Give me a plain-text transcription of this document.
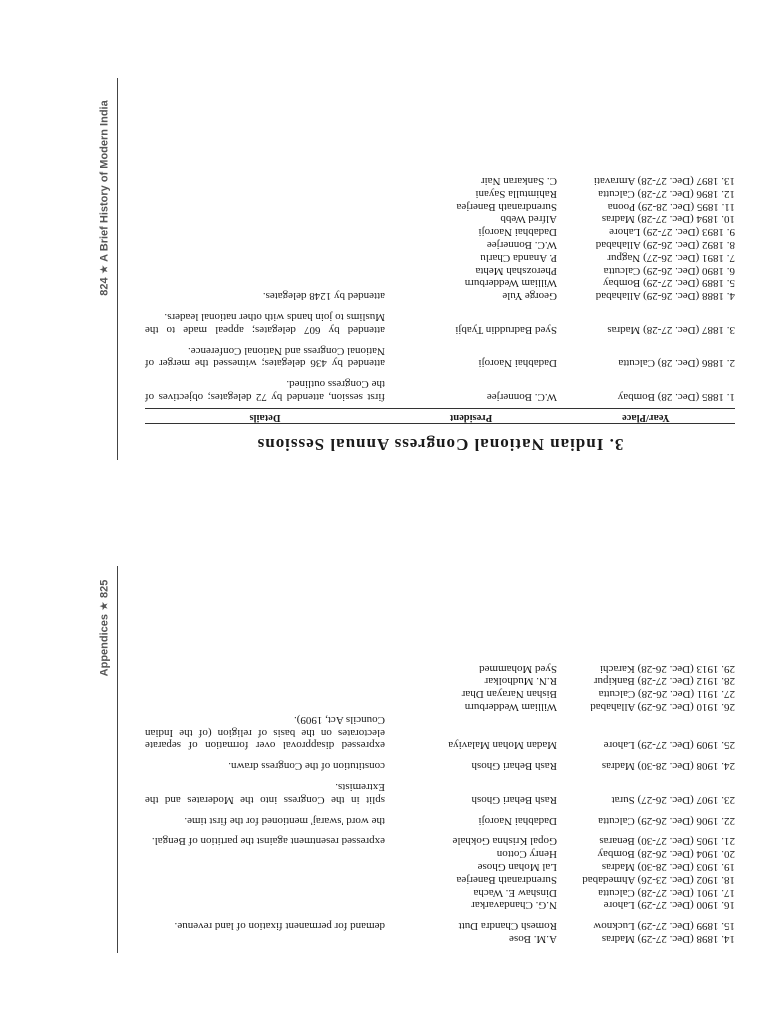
824 ★ A Brief History of Modern India
3. Indian National Congress Annual Sessions
Year/Place
President
Details
1. 1885 (Dec. 28) Bombay
W.C. Bonnerjee
first session, attended by 72 delegates; objectives of the Congress outlined.
2. 1886 (Dec. 28) Calcutta
Dadabhai Naoroji
attended by 436 delegates; witnessed the merger of National Congress and National Conference.
3. 1887 (Dec. 27-28) Madras
Syed Badruddin Tyabji
attended by 607 delegates; appeal made to the Muslims to join hands with other national leaders.
4. 1888 (Dec. 26-29) Allahabad
George Yule
attended by 1248 delegates.
5. 1889 (Dec. 27-29) Bombay
William Wedderburn
6. 1890 (Dec. 26-29) Calcutta
Pherozshah Mehta
7. 1891 (Dec. 26-27) Nagpur
P. Ananda Charlu
8. 1892 (Dec. 26-29) Allahabad
W.C. Bonnerjee
9. 1893 (Dec. 27-29) Lahore
Dadabhai Naoroji
10. 1894 (Dec. 27-28) Madras
Alfred Webb
11. 1895 (Dec. 28-29) Poona
Surendranath Banerjea
12. 1896 (Dec. 27-28) Calcutta
Rahimtulla Sayani
13. 1897 (Dec. 27-28) Amravati
C. Sankaran Nair
Appendices ★ 825
14. 1898 (Dec. 27-29) Madras
A.M. Bose
15. 1899 (Dec. 27-29) Lucknow
Romesh Chandra Dutt
demand for permanent fixation of land revenue.
16. 1900 (Dec. 27-29) Lahore
N.G. Chandavarkar
17. 1901 (Dec. 27-28) Calcutta
Dinshaw E. Wacha
18. 1902 (Dec. 23-26) Ahmedabad
Surendranath Banerjea
19. 1903 (Dec. 28-30) Madras
Lal Mohan Ghose
20. 1904 (Dec. 26-28) Bombay
Henry Cotton
21. 1905 (Dec. 27-30) Benaras
Gopal Krishna Gokhale
expressed resentment against the partition of Bengal.
22. 1906 (Dec. 26-29) Calcutta
Dadabhai Naoroji
the word 'swaraj' mentioned for the first time.
23. 1907 (Dec. 26-27) Surat
Rash Behari Ghosh
split in the Congress into the Moderates and the Extremists.
24. 1908 (Dec. 28-30) Madras
Rash Behari Ghosh
constitution of the Congress drawn.
25. 1909 (Dec. 27-29) Lahore
Madan Mohan Malaviya
expressed disapproval over formation of separate electorates on the basis of religion (of the Indian Councils Act, 1909).
26. 1910 (Dec. 26-29) Allahabad
William Wedderburn
27. 1911 (Dec. 26-28) Calcutta
Bishan Narayan Dhar
28. 1912 (Dec. 27-28) Bankipur
R.N. Mudholkar
29. 1913 (Dec. 26-28) Karachi
Syed Mohammed
